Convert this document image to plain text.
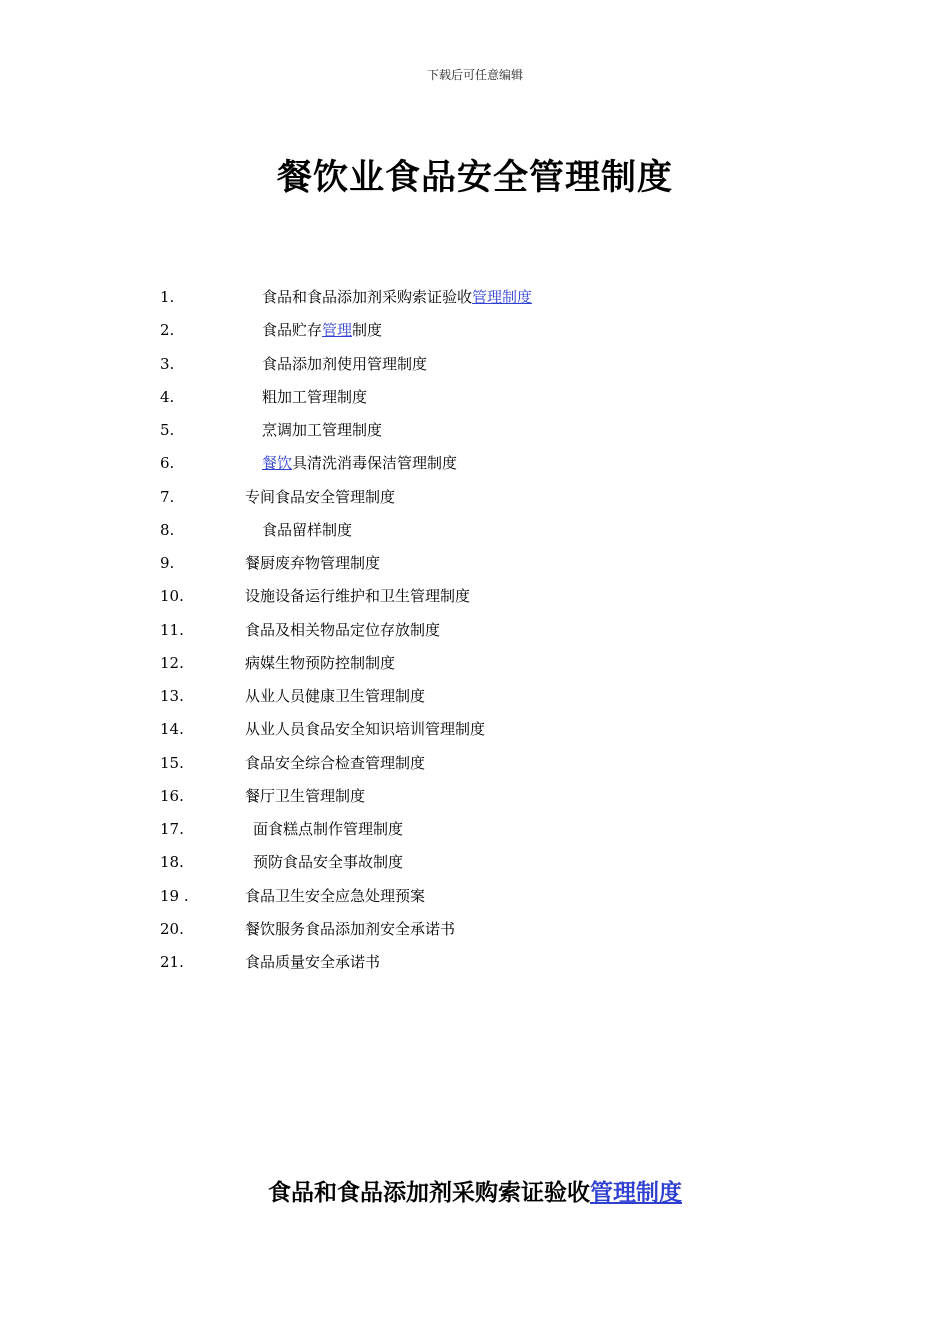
下载后可任意编辑
餐饮业食品安全管理制度
1.	食品和食品添加剂采购索证验收管理制度
2.	食品贮存管理制度
3.	食品添加剂使用管理制度
4.	粗加工管理制度
5.	烹调加工管理制度
6.	餐饮具清洗消毒保洁管理制度
7.	专间食品安全管理制度
8.	食品留样制度
9.	餐厨废弃物管理制度
10.	设施设备运行维护和卫生管理制度
11.	食品及相关物品定位存放制度
12.	病媒生物预防控制制度
13.	从业人员健康卫生管理制度
14.	从业人员食品安全知识培训管理制度
15.	食品安全综合检查管理制度
16.	餐厅卫生管理制度
17.	面食糕点制作管理制度
18.	预防食品安全事故制度
19 .	食品卫生安全应急处理预案
20.	餐饮服务食品添加剂安全承诺书
21.	食品质量安全承诺书
食品和食品添加剂采购索证验收管理制度
